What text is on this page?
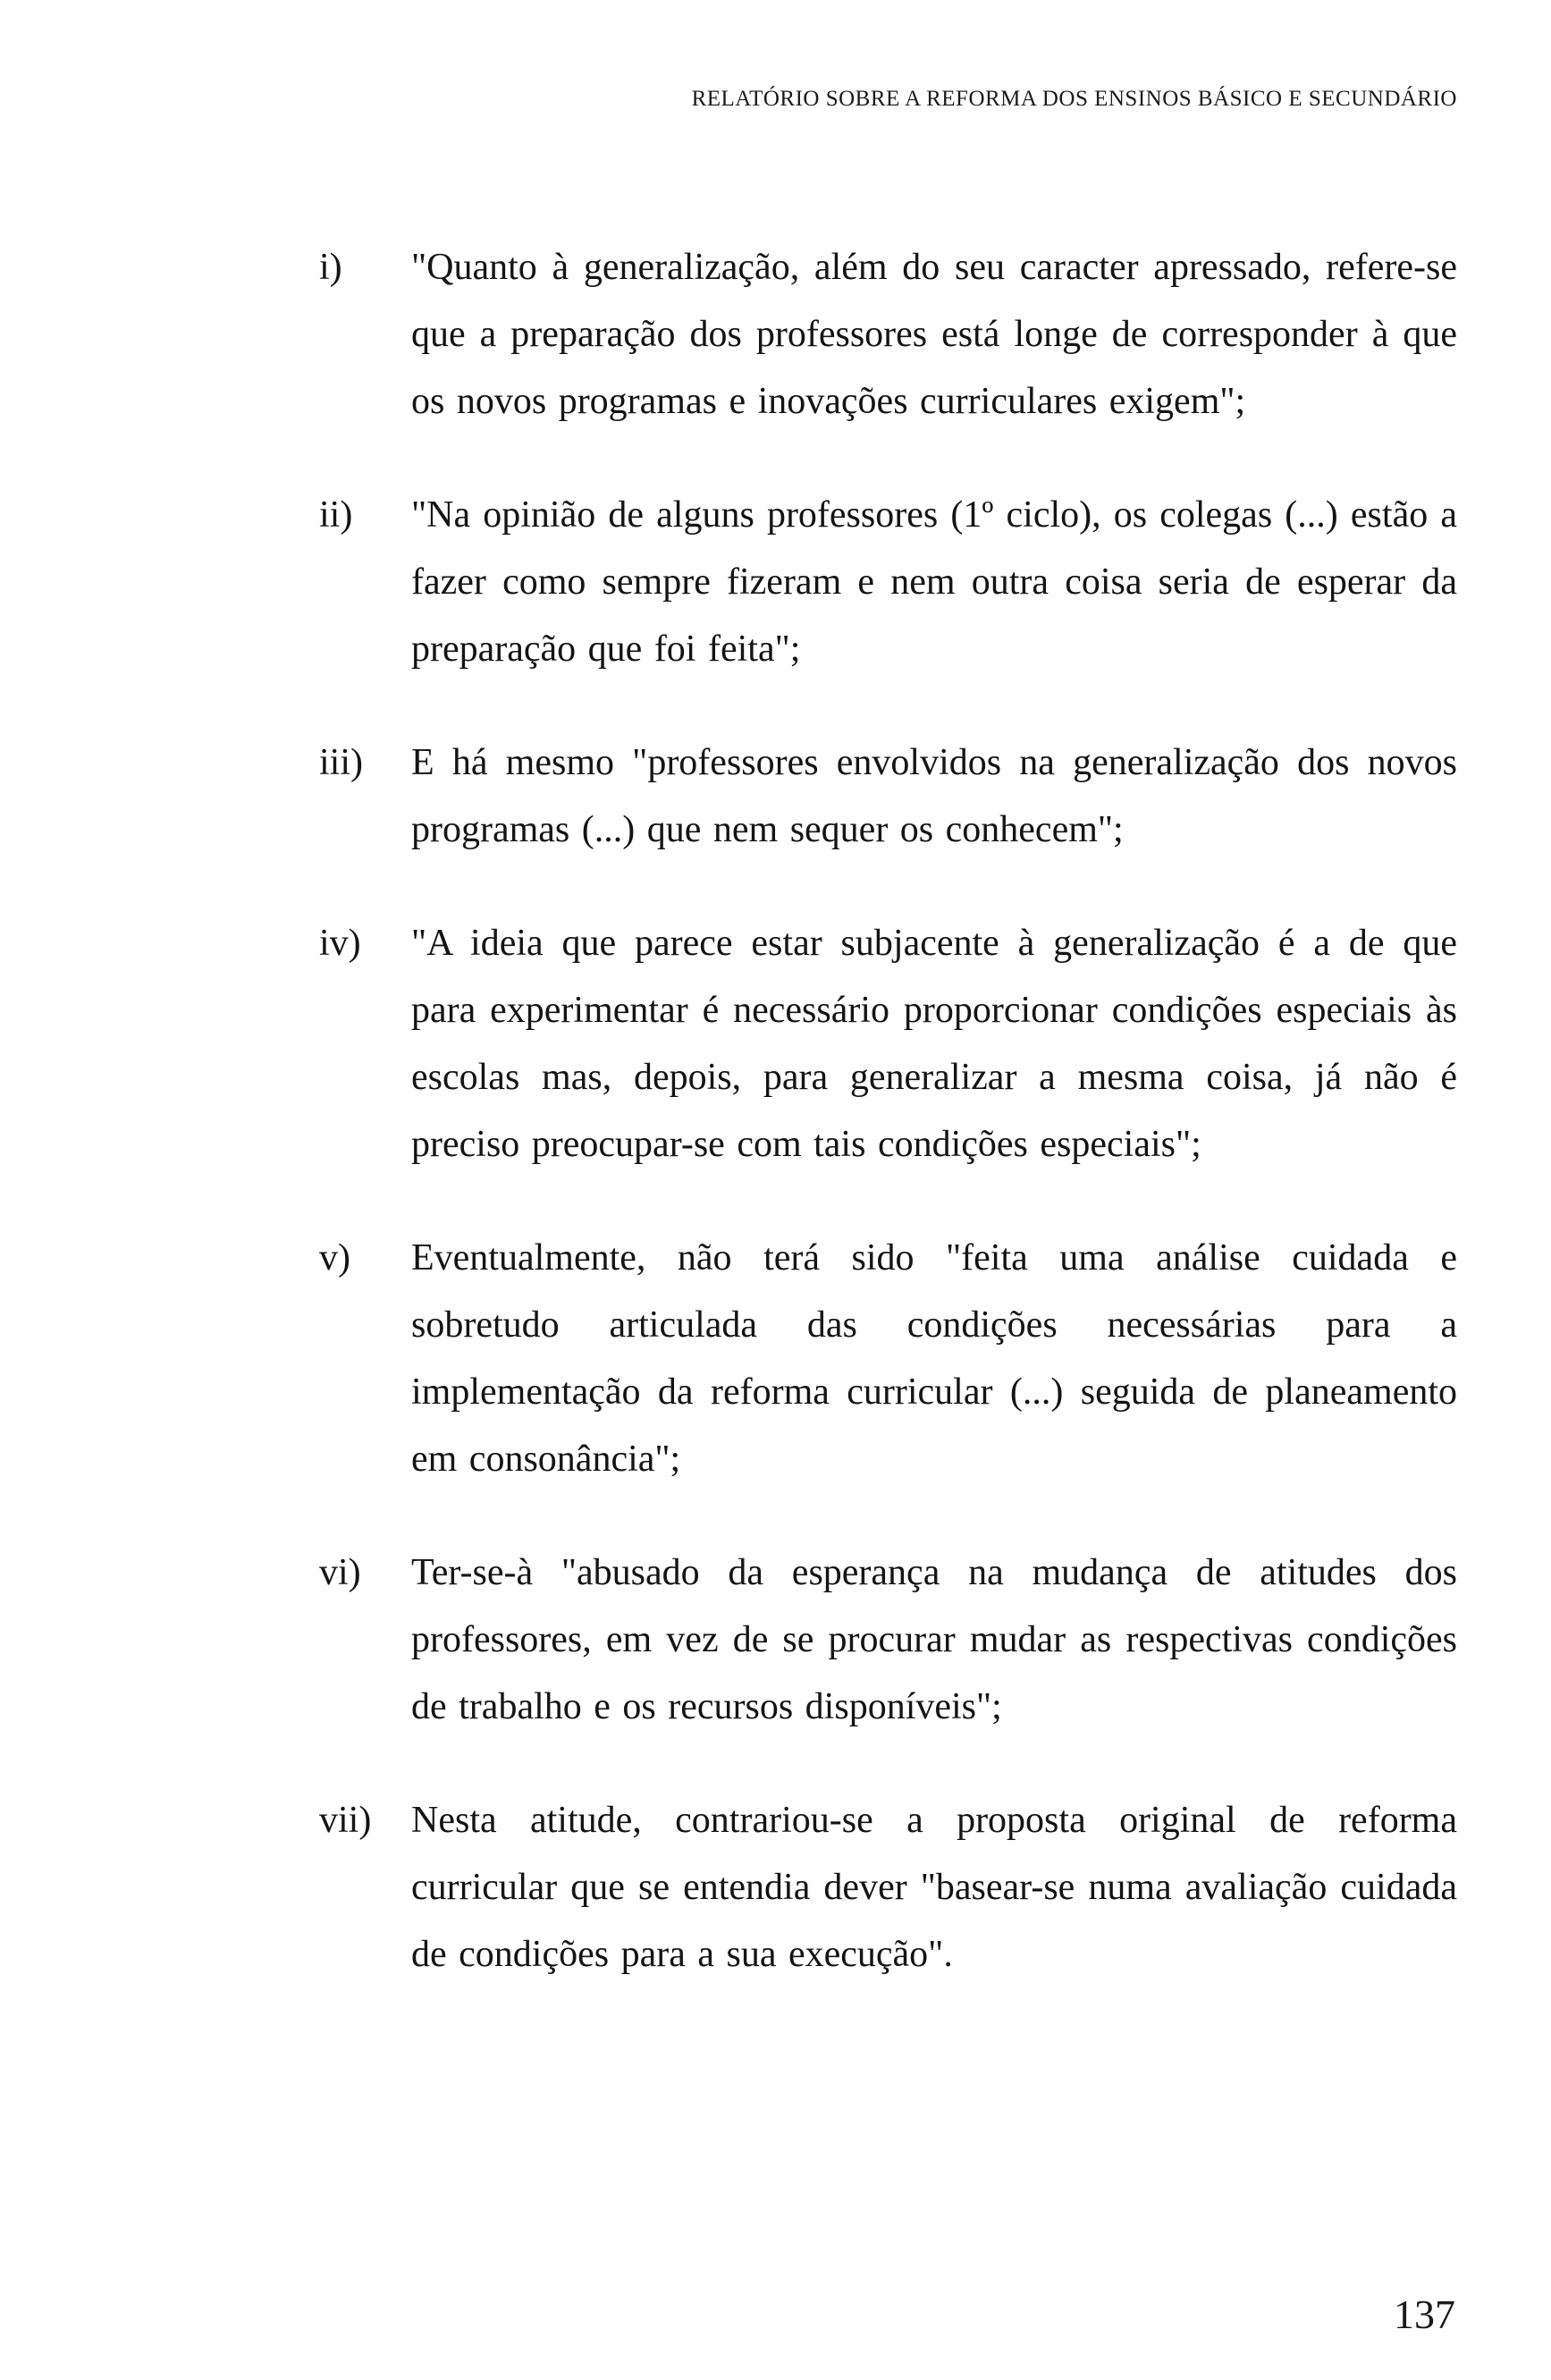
RELATÓRIO SOBRE A REFORMA DOS ENSINOS BÁSICO E SECUNDÁRIO
i)	"Quanto à generalização, além do seu caracter apressado, refere-se que a preparação dos professores está longe de corresponder à que os novos programas e inovações curriculares exigem";
ii)	"Na opinião de alguns professores (1º ciclo), os colegas (...) estão a fazer como sempre fizeram e nem outra coisa seria de esperar da preparação que foi feita";
iii)	E há mesmo "professores envolvidos na generalização dos novos programas (...) que nem sequer os conhecem";
iv)	"A ideia que parece estar subjacente à generalização é a de que para experimentar é necessário proporcionar condições especiais às escolas mas, depois, para generalizar a mesma coisa, já não é preciso preocupar-se com tais condições especiais";
v)	Eventualmente, não terá sido "feita uma análise cuidada e sobretudo articulada das condições necessárias para a implementação da reforma curricular (...) seguida de planeamento em consonância";
vi)	Ter-se-à "abusado da esperança na mudança de atitudes dos professores, em vez de se procurar mudar as respectivas condições de trabalho e os recursos disponíveis";
vii)	Nesta atitude, contrariou-se a proposta original de reforma curricular que se entendia dever "basear-se numa avaliação cuidada de condições para a sua execução".
137
